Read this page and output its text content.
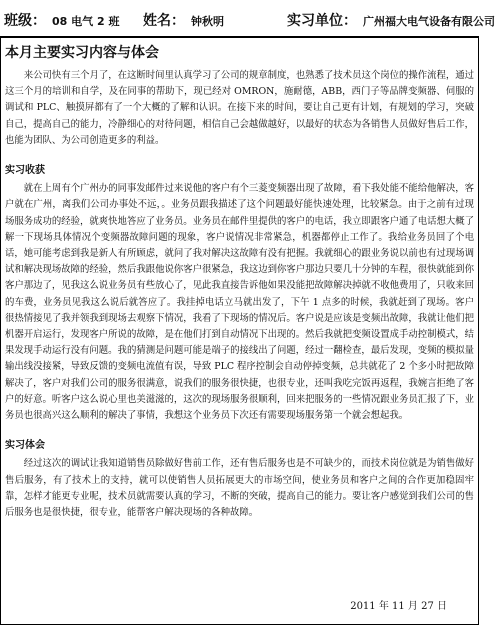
班级： 08 电气 2 班 姓名： 钟秋明	实习单位： 广州福大电气设备有限公司
本月主要实习内容与体会

来公司快有三个月了，在这断时间里认真学习了公司的规章制度，也熟悉了技术员这个岗位的操作流程，通过这三个月的培训和自学，及在同事的帮助下，现已经对 OMRON，施耐德，ABB，西门子等品牌变频器、伺服的调试和 PLC、触摸屏都有了一个大概的了解和认识。在接下来的时间，要让自己更有计划，有规划的学习，突破自己，提高自己的能力，冷静细心的对待问题，相信自己会越做越好，以最好的状态为各销售人员做好售后工作，也能为团队、为公司创造更多的利益。

实习收获

就在上周有个广州办的同事发邮件过来说他的客户有个三菱变频器出现了故障，看下我处能不能给他解决，客户就在广州，离我们公司办事处不远，。业务员跟我描述了这个问题最好能快速处理，比较紧急。由于之前有过现场服务成功的经验，就爽快地答应了业务员。业务员在邮件里提供的客户的电话，我立即跟客户通了电话想大概了解一下现场具体情况个变频器故障问题的现象，客户说情况非常紧急，机器都停止工作了。我给业务员回了个电话，她可能考虑到我是新人有所顾虑，就问了我对解决这故障有没有把握。我就细心的跟业务说以前也有过现场调试和解决现场故障的经验，然后我跟他说你客户很紧急，我这边到你客户那边只要几十分钟的车程，很快就能到你客户那边了，见我这么说业务员有些放心了，见此我直接告诉他如果没能把故障解决掉就不收他费用了，只收来回的车费，业务员见我这么说后就答应了。我挂掉电话立马就出发了，下午 1 点多的时候，我就赶到了现场。客户很热情接见了我并领我到现场去观察下情况，我看了下现场的情况后。客户说是应该是变频出故障，我就让他们把机器开启运行，发现客户所说的故障，是在他们打到自动情况下出现的。然后我就把变频设置成手动控制模式，结果发现手动运行没有问题。我的猜测是问题可能是端子的接线出了问题，经过一翻检查，最后发现，变频的模拟量输出线没接紧，导致反馈的变频电流值有误，导致 PLC 程序控制会自动停掉变频，总共就花了 2 个多小时把故障解决了，客户对我们公司的服务很满意，说我们的服务很快捷，也很专业，还叫我吃完饭再返程，我婉言拒绝了客户的好意。听客户这么说心里也美滋滋的，这次的现场服务很顺利，回来把服务的一些情况跟业务员汇报了下，业务员也很高兴这么顺利的解决了事情，我想这个业务员下次还有需要现场服务第一个就会想起我。

实习体会

经过这次的调试让我知道销售员除做好售前工作，还有售后服务也是不可缺少的，而技术岗位就是为销售做好售后服务，有了技术上的支持，就可以使销售人员拓展更大的市场空间，使业务员和客户之间的合作更加稳固牢靠，怎样才能更专业呢，技术员就需要认真的学习，不断的突破，提高自己的能力。要让客户感觉到我们公司的售后服务也是很快捷，很专业，能帮客户解决现场的各种故障。

2011 年 11 月 27 日
